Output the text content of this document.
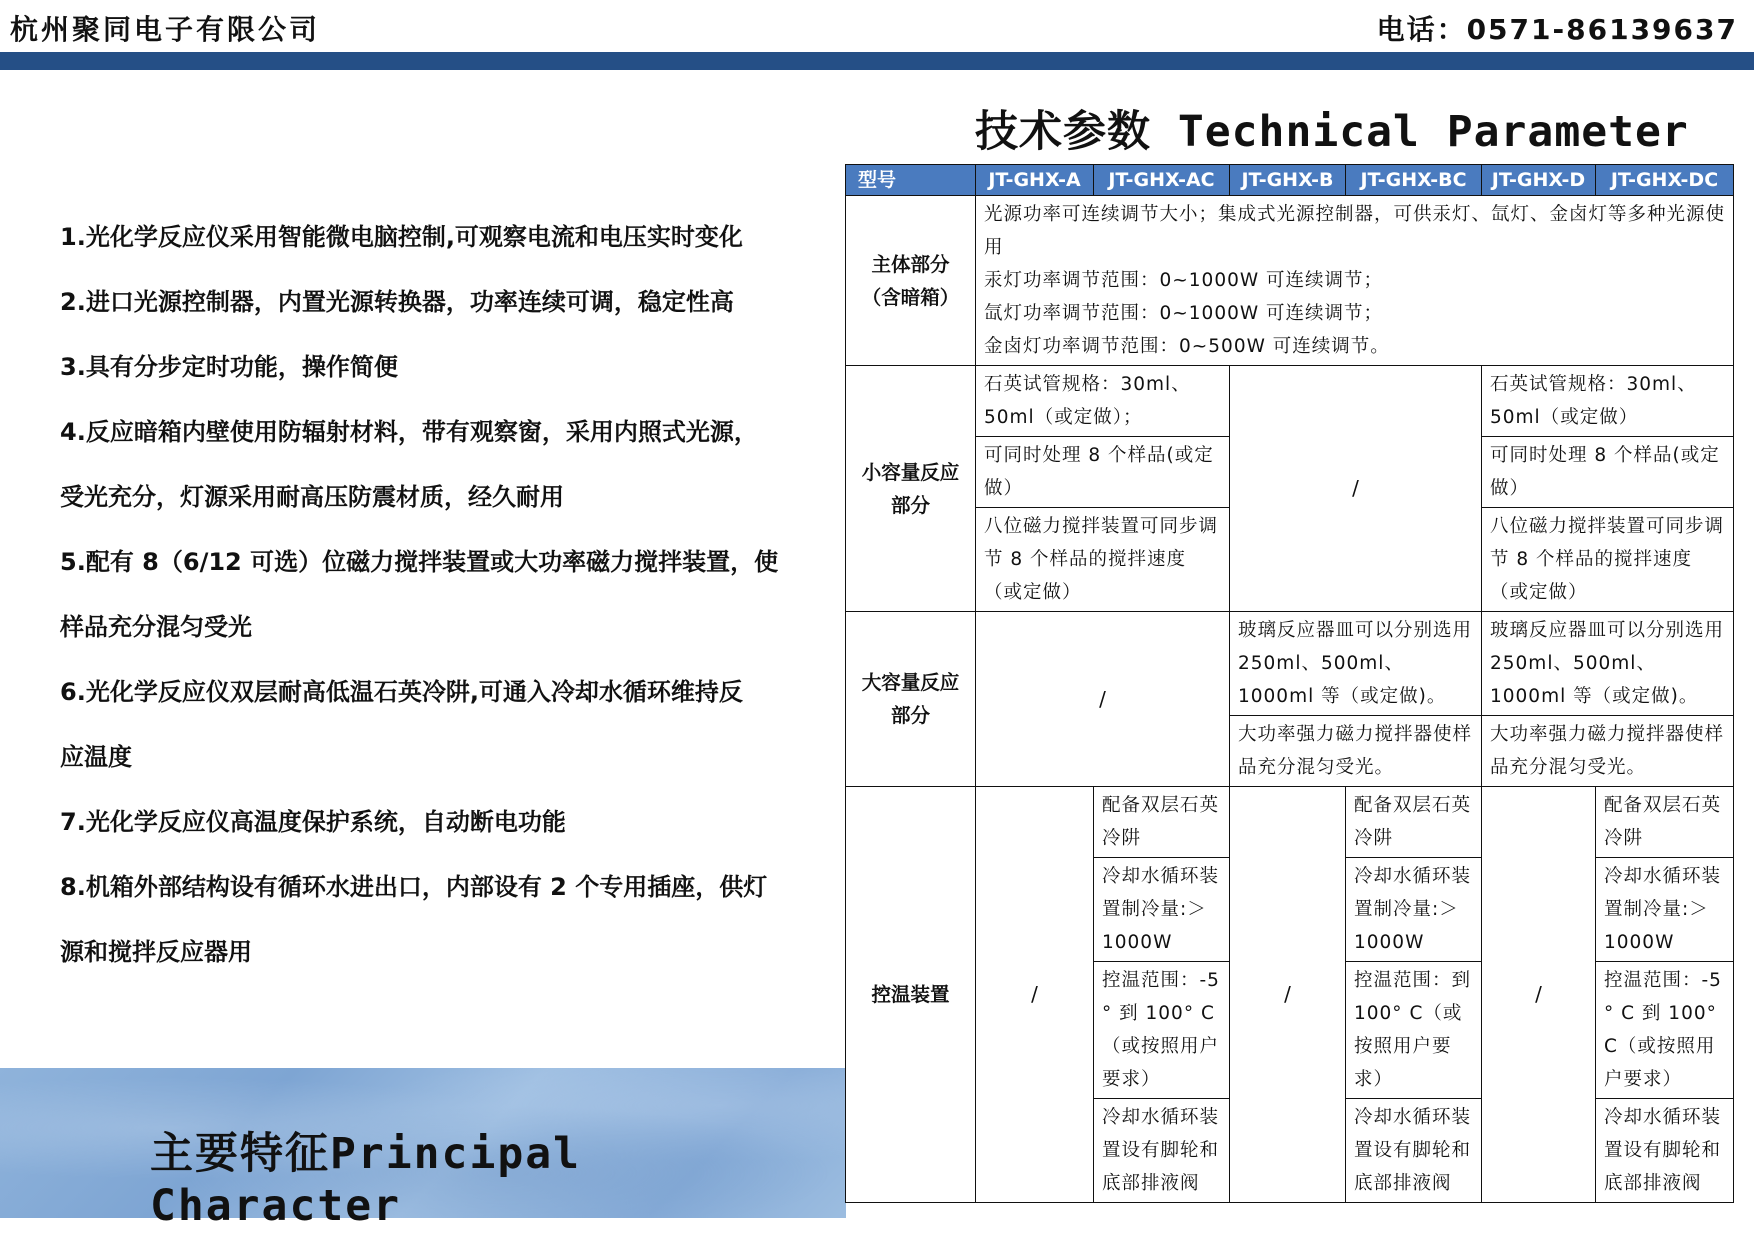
杭州聚同电子有限公司	电话：0571-86139637
技术参数 Technical Parameter
1.光化学反应仪采用智能微电脑控制,可观察电流和电压实时变化
2.进口光源控制器，内置光源转换器，功率连续可调，稳定性高
3.具有分步定时功能，操作简便
4.反应暗箱内壁使用防辐射材料，带有观察窗，采用内照式光源，
受光充分，灯源采用耐高压防震材质，经久耐用
5.配有 8（6/12 可选）位磁力搅拌装置或大功率磁力搅拌装置，使
样品充分混匀受光
6.光化学反应仪双层耐高低温石英冷阱,可通入冷却水循环维持反
应温度
7.光化学反应仪高温度保护系统，自动断电功能
8.机箱外部结构设有循环水进出口，内部设有 2 个专用插座，供灯
源和搅拌反应器用
主要特征Principal Character
型号	JT-GHX-A	JT-GHX-AC	JT-GHX-B	JT-GHX-BC	JT-GHX-D	JT-GHX-DC
主体部分（含暗箱）	光源功率可连续调节大小；集成式光源控制器，可供汞灯、氙灯、金卤灯等多种光源使用
汞灯功率调节范围：0~1000W 可连续调节；
氙灯功率调节范围：0~1000W 可连续调节；
金卤灯功率调节范围：0~500W 可连续调节。					

小容量反应部分	石英试管规格：30ml、50ml（或定做）；		/		石英试管规格：30ml、50ml（或定做）	
	可同时处理 8 个样品(或定做）				可同时处理 8 个样品(或定做）	
	八位磁力搅拌装置可同步调节 8 个样品的搅拌速度（或定做）				八位磁力搅拌装置可同步调节 8 个样品的搅拌速度（或定做）	
大容量反应部分	/		玻璃反应器皿可以分别选用 250ml、500ml、1000ml 等（或定做)。		玻璃反应器皿可以分别选用 250ml、500ml、1000ml 等（或定做)。	
			大功率强力磁力搅拌器使样品充分混匀受光。		大功率强力磁力搅拌器使样品充分混匀受光。	
控温装置	/	配备双层石英冷阱	/	配备双层石英冷阱	/	配备双层石英冷阱
		冷却水循环装置制冷量:＞1000W		冷却水循环装置制冷量:＞1000W		冷却水循环装置制冷量:＞1000W
		控温范围：-5 ° 到 100° C（或按照用户要求）		控温范围：到 100° C（或按照用户要求）		控温范围：-5 ° C 到 100° C（或按照用户要求）
		冷却水循环装置设有脚轮和底部排液阀		冷却水循环装置设有脚轮和底部排液阀		冷却水循环装置设有脚轮和底部排液阀
